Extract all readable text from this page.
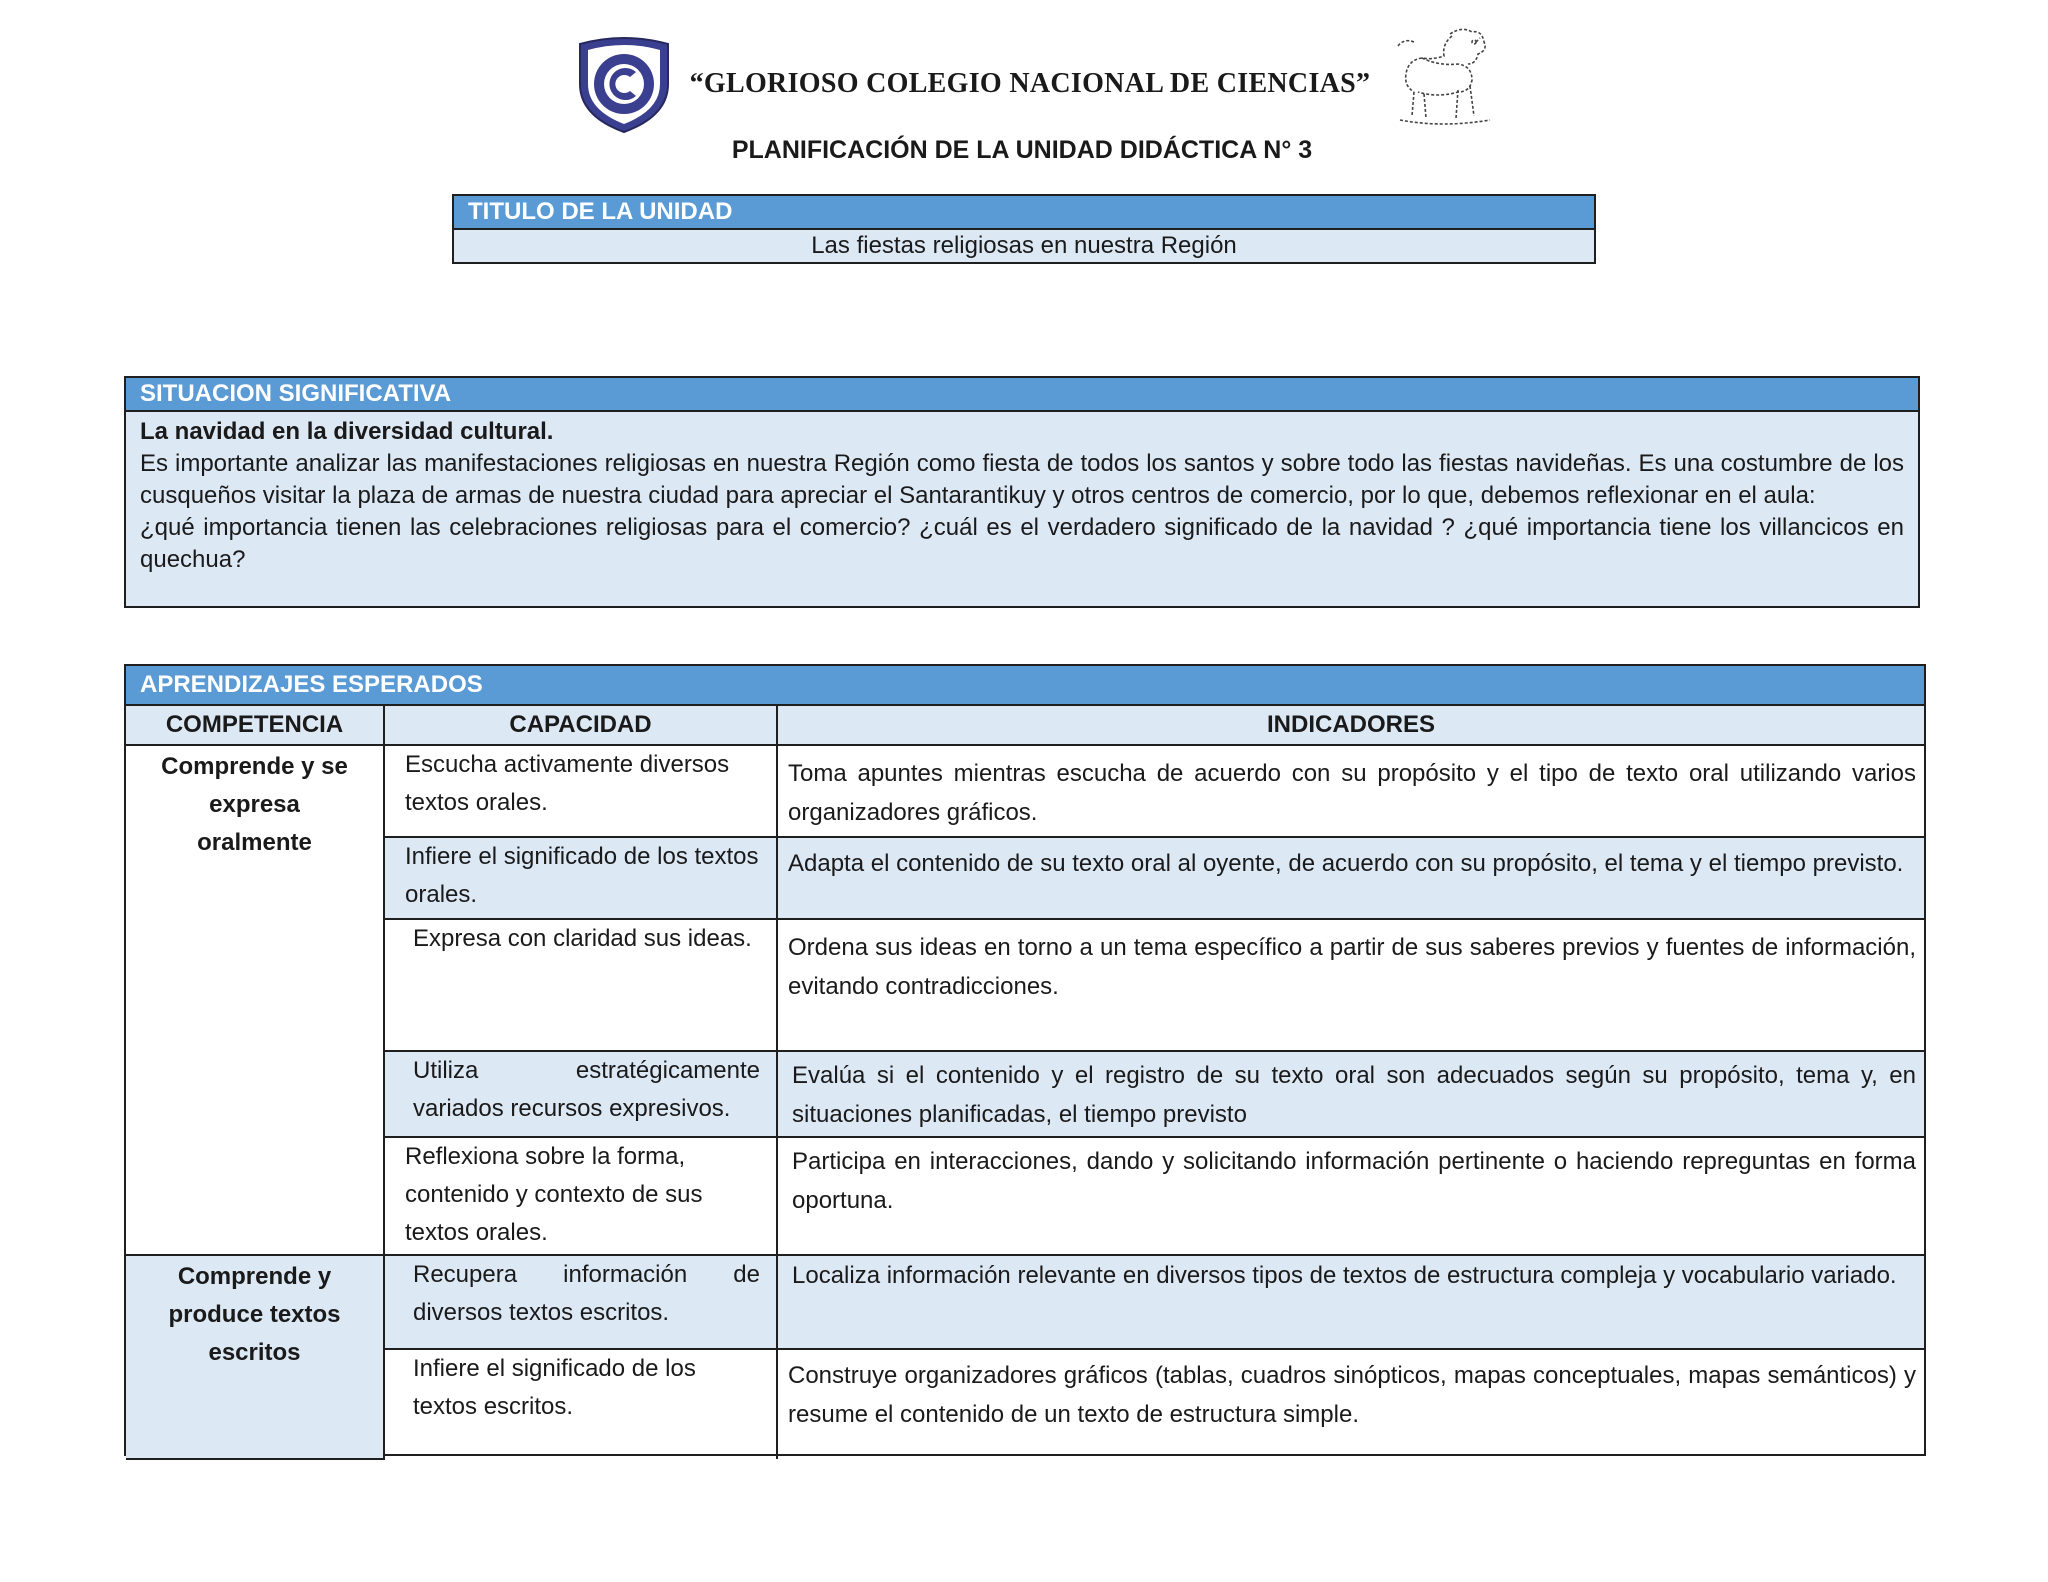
“GLORIOSO COLEGIO NACIONAL DE CIENCIAS”
PLANIFICACIÓN DE LA UNIDAD DIDÁCTICA N° 3
TITULO DE LA UNIDAD
Las fiestas religiosas en nuestra Región
SITUACION SIGNIFICATIVA
La navidad en la diversidad cultural.
Es importante analizar las manifestaciones religiosas en nuestra Región como fiesta de todos los santos y sobre todo las fiestas navideñas. Es una costumbre de los cusqueños visitar la plaza de armas de nuestra ciudad para apreciar el Santarantikuy y otros centros de comercio, por lo que, debemos reflexionar en el aula:
¿qué importancia tienen las celebraciones religiosas para el comercio? ¿cuál es el verdadero significado de la navidad ? ¿qué importancia tiene los villancicos en quechua?
APRENDIZAJES ESPERADOS
COMPETENCIA	CAPACIDAD	INDICADORES
Comprende y se expresa oralmente	Escucha activamente diversos textos orales.	Toma apuntes mientras escucha de acuerdo con su propósito y el tipo de texto oral utilizando varios organizadores gráficos.
	Infiere el significado de los textos orales.	Adapta el contenido de su texto oral al oyente, de acuerdo con su propósito, el tema y el tiempo previsto.
	Expresa con claridad sus ideas.	Ordena sus ideas en torno a un tema específico a partir de sus saberes previos y fuentes de información, evitando contradicciones.
	Utiliza estratégicamente variados recursos expresivos.	Evalúa si el contenido y el registro de su texto oral son adecuados según su propósito, tema y, en situaciones planificadas, el tiempo previsto
	Reflexiona sobre la forma, contenido y contexto de sus textos orales.	Participa en interacciones, dando y solicitando información pertinente o haciendo repreguntas en forma oportuna.
Comprende y produce textos escritos	Recupera información de diversos textos escritos.	Localiza información relevante en diversos tipos de textos de estructura compleja y vocabulario variado.
	Infiere el significado de los textos escritos.	Construye organizadores gráficos (tablas, cuadros sinópticos, mapas conceptuales, mapas semánticos) y resume el contenido de un texto de estructura simple.
